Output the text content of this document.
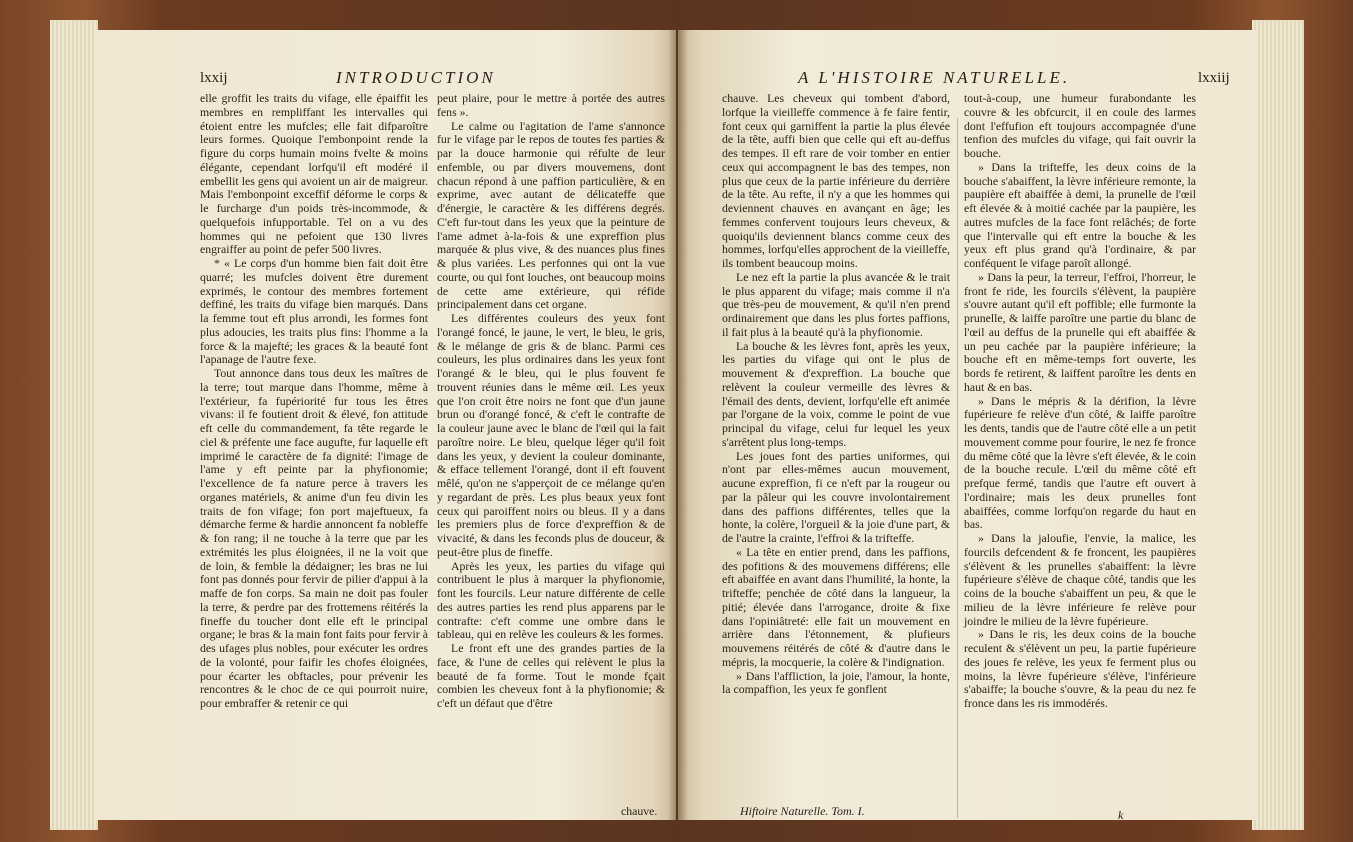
lxxij	INTRODUCTION

elle groffit les traits du vifage, elle épaiffit les membres en rempliffant les intervalles qui étoient entre les mufcles; elle fait difparoître leurs formes. Quoique l'embonpoint rende la figure du corps humain moins fvelte & moins élégante, cependant lorfqu'il eft modéré il embellit les gens qui avoient un air de maigreur. Mais l'embonpoint exceffif déforme le corps & le furcharge d'un poids très-incommode, & quelquefois infupportable. Tel on a vu des hommes qui ne pefoient que 130 livres engraiffer au point de pefer 500 livres.

* « Le corps d'un homme bien fait doit être quarré; les mufcles doivent être durement exprimés, le contour des membres fortement deffiné, les traits du vifage bien marqués. Dans la femme tout eft plus arrondi, les formes font plus adoucies, les traits plus fins: l'homme a la force & la majefté; les graces & la beauté font l'apanage de l'autre fexe.

Tout annonce dans tous deux les maîtres de la terre; tout marque dans l'homme, même à l'extérieur, fa fupériorité fur tous les êtres vivans: il fe foutient droit & élevé, fon attitude eft celle du commandement, fa tête regarde le ciel & préfente une face augufte, fur laquelle eft imprimé le caractère de fa dignité: l'image de l'ame y eft peinte par la phyfionomie; l'excellence de fa nature perce à travers les organes matériels, & anime d'un feu divin les traits de fon vifage; fon port majeftueux, fa démarche ferme & hardie annoncent fa nobleffe & fon rang; il ne touche à la terre que par les extrémités les plus éloignées, il ne la voit que de loin, & femble la dédaigner; les bras ne lui font pas donnés pour fervir de pilier d'appui à la maffe de fon corps. Sa main ne doit pas fouler la terre, & perdre par des frottemens réitérés la fineffe du toucher dont elle eft le principal organe; le bras & la main font faits pour fervir à des ufages plus nobles, pour exécuter les ordres de la volonté, pour faifir les chofes éloignées, pour écarter les obftacles, pour prévenir les rencontres & le choc de ce qui pourroit nuire, pour embraffer & retenir ce qui

peut plaire, pour le mettre à portée des autres fens ».

Le calme ou l'agitation de l'ame s'annonce fur le vifage par le repos de toutes fes parties & par la douce harmonie qui réfulte de leur enfemble, ou par divers mouvemens, dont chacun répond à une paffion particulière, & en exprime, avec autant de délicateffe que d'énergie, le caractère & les différens degrés. C'eft fur-tout dans les yeux que la peinture de l'ame admet à-la-fois & une expreffion plus marquée & plus vive, & des nuances plus fines & plus variées. Les perfonnes qui ont la vue courte, ou qui font louches, ont beaucoup moins de cette ame extérieure, qui réfide principalement dans cet organe.

Les différentes couleurs des yeux font l'orangé foncé, le jaune, le vert, le bleu, le gris, & le mélange de gris & de blanc. Parmi ces couleurs, les plus ordinaires dans les yeux font l'orangé & le bleu, qui le plus fouvent fe trouvent réunies dans le même œil. Les yeux que l'on croit être noirs ne font que d'un jaune brun ou d'orangé foncé, & c'eft le contrafte de la couleur jaune avec le blanc de l'œil qui la fait paroître noire. Le bleu, quelque léger qu'il foit dans les yeux, y devient la couleur dominante, & efface tellement l'orangé, dont il eft fouvent mêlé, qu'on ne s'apperçoit de ce mélange qu'en y regardant de près. Les plus beaux yeux font ceux qui paroiffent noirs ou bleus. Il y a dans les premiers plus de force d'expreffion & de vivacité, & dans les feconds plus de douceur, & peut-être plus de fineffe.

Après les yeux, les parties du vifage qui contribuent le plus à marquer la phyfionomie, font les fourcils. Leur nature différente de celle des autres parties les rend plus apparens par le contrafte: c'eft comme une ombre dans le tableau, qui en relève les couleurs & les formes.

Le front eft une des grandes parties de la face, & l'une de celles qui relèvent le plus la beauté de fa forme. Tout le monde fçait combien les cheveux font à la phyfionomie; & c'eft un défaut que d'être

chauve.
A L'HISTOIRE NATURELLE.	lxxiij

chauve. Les cheveux qui tombent d'abord, lorfque la vieilleffe commence à fe faire fentir, font ceux qui garniffent la partie la plus élevée de la tête, auffi bien que celle qui eft au-deffus des tempes. Il eft rare de voir tomber en entier ceux qui accompagnent le bas des tempes, non plus que ceux de la partie inférieure du derrière de la tête. Au refte, il n'y a que les hommes qui deviennent chauves en avançant en âge; les femmes confervent toujours leurs cheveux, & quoiqu'ils deviennent blancs comme ceux des hommes, lorfqu'elles approchent de la vieilleffe, ils tombent beaucoup moins.

Le nez eft la partie la plus avancée & le trait le plus apparent du vifage; mais comme il n'a que très-peu de mouvement, & qu'il n'en prend ordinairement que dans les plus fortes paffions, il fait plus à la beauté qu'à la phyfionomie.

La bouche & les lèvres font, après les yeux, les parties du vifage qui ont le plus de mouvement & d'expreffion. La bouche que relèvent la couleur vermeille des lèvres & l'émail des dents, devient, lorfqu'elle eft animée par l'organe de la voix, comme le point de vue principal du vifage, celui fur lequel les yeux s'arrêtent plus long-temps.

Les joues font des parties uniformes, qui n'ont par elles-mêmes aucun mouvement, aucune expreffion, fi ce n'eft par la rougeur ou par la pâleur qui les couvre involontairement dans des paffions différentes, telles que la honte, la colère, l'orgueil & la joie d'une part, & de l'autre la crainte, l'effroi & la trifteffe.

« La tête en entier prend, dans les paffions, des pofitions & des mouvemens différens; elle eft abaiffée en avant dans l'humilité, la honte, la trifteffe; penchée de côté dans la langueur, la pitié; élevée dans l'arrogance, droite & fixe dans l'opiniâtreté: elle fait un mouvement en arrière dans l'étonnement, & plufieurs mouvemens réitérés de côté & d'autre dans le mépris, la mocquerie, la colère & l'indignation.

» Dans l'affliction, la joie, l'amour, la honte, la compaffion, les yeux fe gonflent

tout-à-coup, une humeur furabondante les couvre & les obfcurcit, il en coule des larmes dont l'effufion eft toujours accompagnée d'une tenfion des mufcles du vifage, qui fait ouvrir la bouche.

» Dans la trifteffe, les deux coins de la bouche s'abaiffent, la lèvre inférieure remonte, la paupière eft abaiffée à demi, la prunelle de l'œil eft élevée & à moitié cachée par la paupière, les autres mufcles de la face font relâchés; de forte que l'intervalle qui eft entre la bouche & les yeux eft plus grand qu'à l'ordinaire, & par conféquent le vifage paroît allongé.

» Dans la peur, la terreur, l'effroi, l'horreur, le front fe ride, les fourcils s'élèvent, la paupière s'ouvre autant qu'il eft poffible; elle furmonte la prunelle, & laiffe paroître une partie du blanc de l'œil au deffus de la prunelle qui eft abaiffée & un peu cachée par la paupière inférieure; la bouche eft en même-temps fort ouverte, les bords fe retirent, & laiffent paroître les dents en haut & en bas.

» Dans le mépris & la dérifion, la lèvre fupérieure fe relève d'un côté, & laiffe paroître les dents, tandis que de l'autre côté elle a un petit mouvement comme pour fourire, le nez fe fronce du même côté que la lèvre s'eft élevée, & le coin de la bouche recule. L'œil du même côté eft prefque fermé, tandis que l'autre eft ouvert à l'ordinaire; mais les deux prunelles font abaiffées, comme lorfqu'on regarde du haut en bas.

» Dans la jaloufie, l'envie, la malice, les fourcils defcendent & fe froncent, les paupières s'élèvent & les prunelles s'abaiffent: la lèvre fupérieure s'élève de chaque côté, tandis que les coins de la bouche s'abaiffent un peu, & que le milieu de la lèvre inférieure fe relève pour joindre le milieu de la lèvre fupérieure.

» Dans le ris, les deux coins de la bouche reculent & s'élèvent un peu, la partie fupérieure des joues fe relève, les yeux fe ferment plus ou moins, la lèvre fupérieure s'élève, l'inférieure s'abaiffe; la bouche s'ouvre, & la peau du nez fe fronce dans les ris immodérés.

Hiftoire Naturelle. Tom. I.	k
